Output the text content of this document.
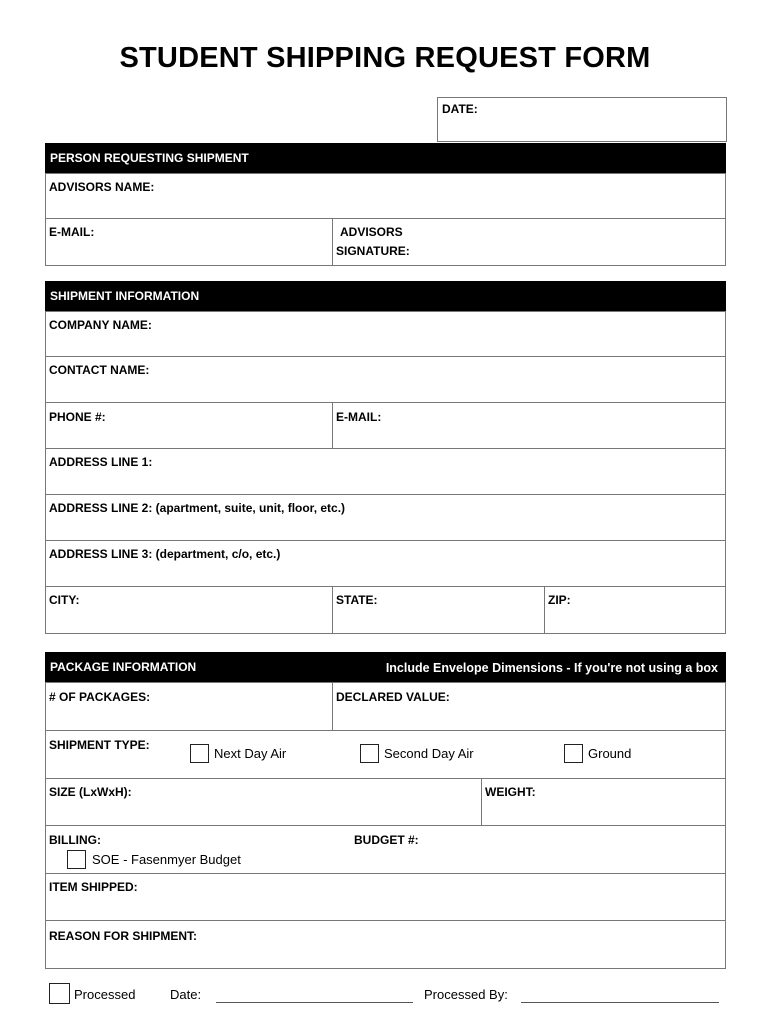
STUDENT SHIPPING REQUEST FORM
DATE:
PERSON REQUESTING SHIPMENT
ADVISORS NAME:
E-MAIL:	ADVISORS
SIGNATURE:
SHIPMENT INFORMATION
COMPANY NAME:
CONTACT NAME:
PHONE #:	E-MAIL:
ADDRESS LINE 1:
ADDRESS LINE 2: (apartment, suite, unit, floor, etc.)
ADDRESS LINE 3: (department, c/o, etc.)
CITY:	STATE:	ZIP:
PACKAGE INFORMATION	Include Envelope Dimensions - If you're not using a box
# OF PACKAGES:	DECLARED VALUE:
SHIPMENT TYPE:
Next Day Air	Second Day Air	Ground
SIZE (LxWxH):	WEIGHT:
BILLING:
SOE - Fasenmyer Budget
BUDGET #:
ITEM SHIPPED:
REASON FOR SHIPMENT:
Processed	Date:	Processed By:
